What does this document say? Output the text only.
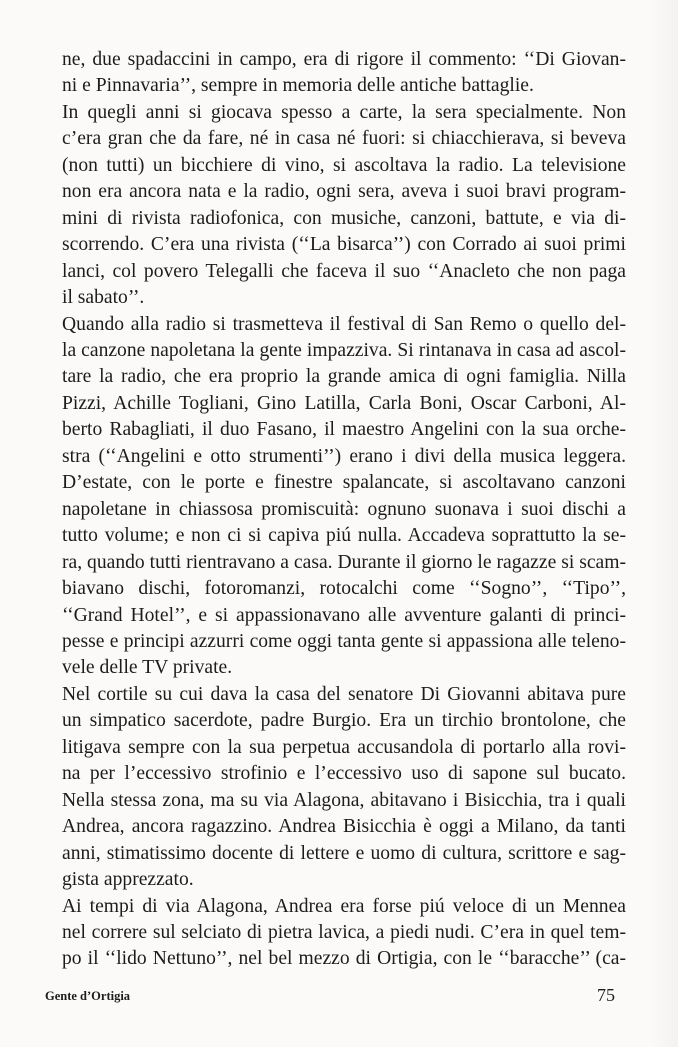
ne, due spadaccini in campo, era di rigore il commento: ‘‘Di Giovan-
ni e Pinnavaria’’, sempre in memoria delle antiche battaglie.
In quegli anni si giocava spesso a carte, la sera specialmente. Non
c’era gran che da fare, né in casa né fuori: si chiacchierava, si beveva
(non tutti) un bicchiere di vino, si ascoltava la radio. La televisione
non era ancora nata e la radio, ogni sera, aveva i suoi bravi program-
mini di rivista radiofonica, con musiche, canzoni, battute, e via di-
scorrendo. C’era una rivista (‘‘La bisarca’’) con Corrado ai suoi primi
lanci, col povero Telegalli che faceva il suo ‘‘Anacleto che non paga
il sabato’’.
Quando alla radio si trasmetteva il festival di San Remo o quello del-
la canzone napoletana la gente impazziva. Si rintanava in casa ad ascol-
tare la radio, che era proprio la grande amica di ogni famiglia. Nilla
Pizzi, Achille Togliani, Gino Latilla, Carla Boni, Oscar Carboni, Al-
berto Rabagliati, il duo Fasano, il maestro Angelini con la sua orche-
stra (‘‘Angelini e otto strumenti’’) erano i divi della musica leggera.
D’estate, con le porte e finestre spalancate, si ascoltavano canzoni
napoletane in chiassosa promiscuità: ognuno suonava i suoi dischi a
tutto volume; e non ci si capiva piú nulla. Accadeva soprattutto la se-
ra, quando tutti rientravano a casa. Durante il giorno le ragazze si scam-
biavano dischi, fotoromanzi, rotocalchi come ‘‘Sogno’’, ‘‘Tipo’’,
‘‘Grand Hotel’’, e si appassionavano alle avventure galanti di princi-
pesse e principi azzurri come oggi tanta gente si appassiona alle teleno-
vele delle TV private.
Nel cortile su cui dava la casa del senatore Di Giovanni abitava pure
un simpatico sacerdote, padre Burgio. Era un tirchio brontolone, che
litigava sempre con la sua perpetua accusandola di portarlo alla rovi-
na per l’eccessivo strofinio e l’eccessivo uso di sapone sul bucato.
Nella stessa zona, ma su via Alagona, abitavano i Bisicchia, tra i quali
Andrea, ancora ragazzino. Andrea Bisicchia è oggi a Milano, da tanti
anni, stimatissimo docente di lettere e uomo di cultura, scrittore e sag-
gista apprezzato.
Ai tempi di via Alagona, Andrea era forse piú veloce di un Mennea
nel correre sul selciato di pietra lavica, a piedi nudi. C’era in quel tem-
po il ‘‘lido Nettuno’’, nel bel mezzo di Ortigia, con le ‘‘baracche’’ (ca-
Gente d’Ortigia	75
